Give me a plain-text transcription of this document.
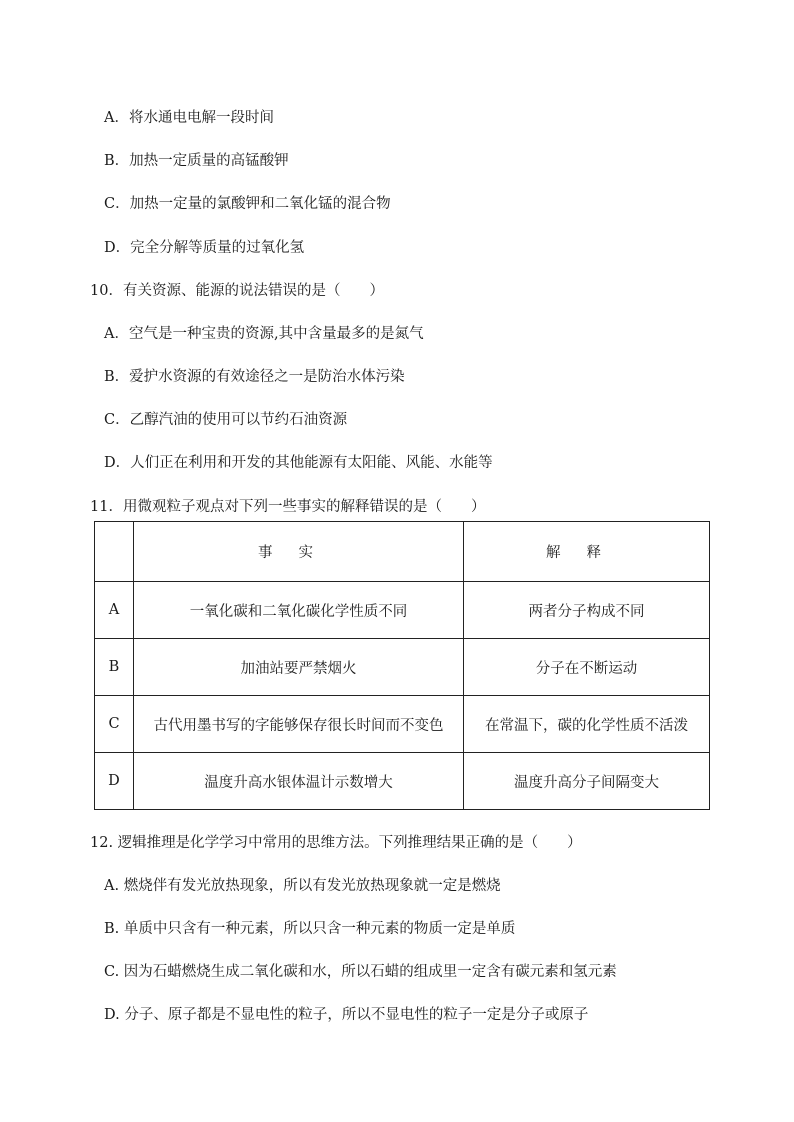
A．将水通电电解一段时间
B．加热一定质量的高锰酸钾
C．加热一定量的氯酸钾和二氧化锰的混合物
D．完全分解等质量的过氧化氢
10．有关资源、能源的说法错误的是（　　）
A．空气是一种宝贵的资源,其中含量最多的是氮气
B．爱护水资源的有效途径之一是防治水体污染
C．乙醇汽油的使用可以节约石油资源
D．人们正在利用和开发的其他能源有太阳能、风能、水能等
11．用微观粒子观点对下列一些事实的解释错误的是（　　）
	事实	解释
A	一氧化碳和二氧化碳化学性质不同	两者分子构成不同
B	加油站要严禁烟火	分子在不断运动
C	古代用墨书写的字能够保存很长时间而不变色	在常温下，碳的化学性质不活泼
D	温度升高水银体温计示数增大	温度升高分子间隔变大
12. 逻辑推理是化学学习中常用的思维方法。下列推理结果正确的是（　　）
A. 燃烧伴有发光放热现象，所以有发光放热现象就一定是燃烧
B. 单质中只含有一种元素，所以只含一种元素的物质一定是单质
C. 因为石蜡燃烧生成二氧化碳和水，所以石蜡的组成里一定含有碳元素和氢元素
D. 分子、原子都是不显电性的粒子，所以不显电性的粒子一定是分子或原子
